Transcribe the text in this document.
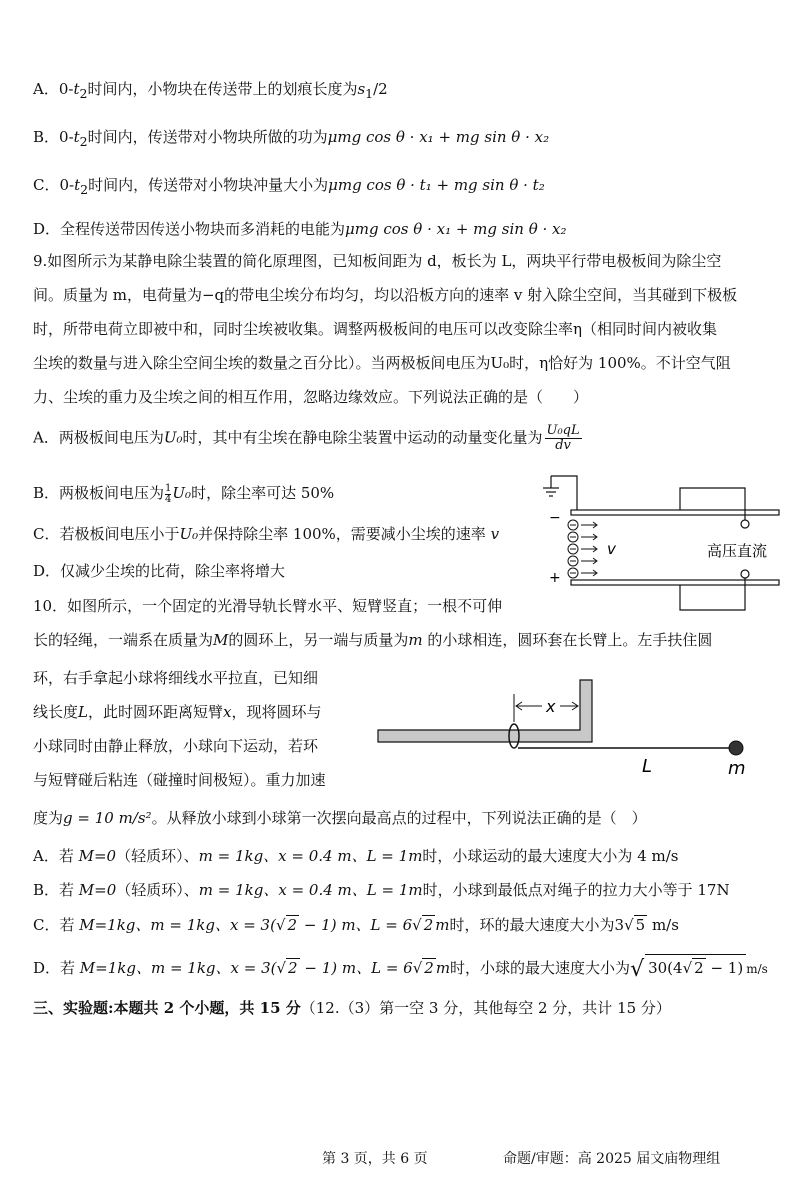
A．$0-t_2$时间内，小物块在传送带上的划痕长度为$s_1/2$
B．$0-t_2$时间内，传送带对小物块所做的功为μmg cos θ · x₁ + mg sin θ · x₂
C．$0-t_2$时间内，传送带对小物块冲量大小为μmg cos θ · t₁ + mg sin θ · t₂
D．全程传送带因传送小物块而多消耗的电能为μmg cos θ · x₁ + mg sin θ · x₂
9.如图所示为某静电除尘装置的简化原理图，已知板间距为 d，板长为 L，两块平行带电极板间为除尘空
间。质量为 m，电荷量为−q的带电尘埃分布均匀，均以沿板方向的速率 v 射入除尘空间，当其碰到下极板
时，所带电荷立即被中和，同时尘埃被收集。调整两极板间的电压可以改变除尘率η（相同时间内被收集
尘埃的数量与进入除尘空间尘埃的数量之百分比）。当两极板间电压为U₀时，η恰好为 100%。不计空气阻
力、尘埃的重力及尘埃之间的相互作用，忽略边缘效应。下列说法正确的是（　　）
A．两极板间电压为U₀时，其中有尘埃在静电除尘装置中运动的动量变化量为 $\frac{\text{U₀qL}}{dv}$
B．两极板间电压为 $\frac{1}{4}U_0$时，除尘率可达 50%
C．若极板间电压小于U₀并保持除尘率 100%，需要减小尘埃的速率 v
D．仅减少尘埃的比荷，除尘率将增大
高压直流
−
+
v
10．如图所示，一个固定的光滑导轨长臂水平、短臂竖直；一根不可伸
长的轻绳，一端系在质量为M的圆环上，另一端与质量为m 的小球相连，圆环套在长臂上。左手扶住圆
环，右手拿起小球将细线水平拉直，已知细
线长度L，此时圆环距离短臂x，现将圆环与
小球同时由静止释放，小球向下运动，若环
与短臂碰后粘连（碰撞时间极短）。重力加速
度为g = 10 m/s²。从释放小球到小球第一次摆向最高点的过程中，下列说法正确的是（　）
x
L	m
A．若 M=0（轻质环）、m = 1kg、x = 0.4 m、L = 1m时，小球运动的最大速度大小为 4 m/s
B．若 M=0（轻质环）、m = 1kg、x = 0.4 m、L = 1m时，小球到最低点对绳子的拉力大小等于 17N
C．若 M=1kg、m = 1kg、x = 3(√ 2 − 1) m、L = 6√ 2 m时，环的最大速度大小为3√ 5 m/s
D．若 M=1kg、m = 1kg、x = 3(√ 2 − 1) m、L = 6√ 2 m时，小球的最大速度大小为√ 30(4√ 2 − 1) m/s
三、实验题:本题共 2 个小题，共 15 分（12.（3）第一空 3 分，其他每空 2 分，共计 15 分）
第 3 页，共 6 页	命题/审题：高 2025 届文庙物理组
